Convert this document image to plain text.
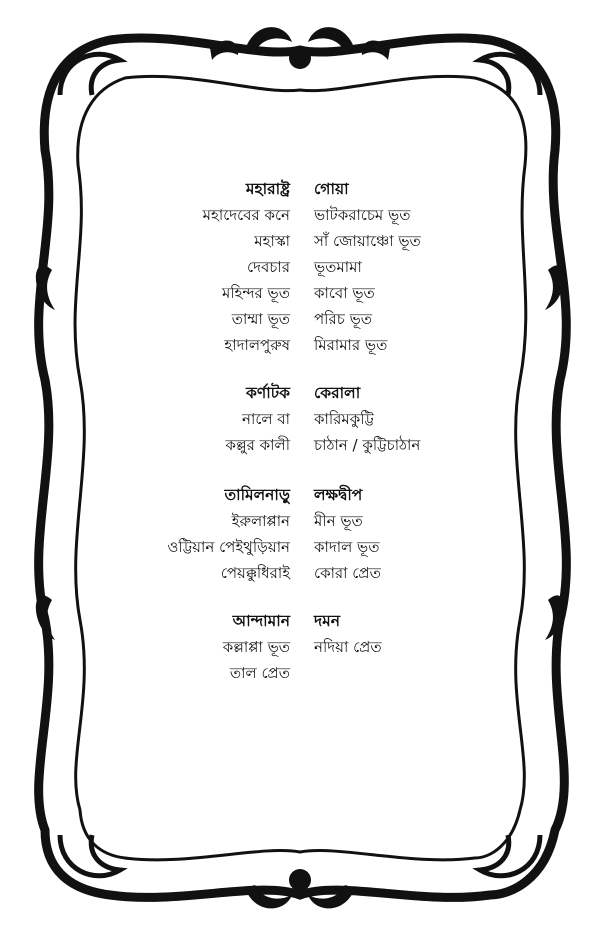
মহারাষ্ট্র গোয়া
মহাদেবের কনে ভাটকরাচেম ভূত
মহাস্কা সাঁ জোয়াঞ্চো ভূত
দেবচার ভূতমামা
মহিন্দর ভূত কাবো ভূত
তাম্মা ভূত পরিচ ভূত
হাদালপুরুষ মিরামার ভূত
কর্ণাটক কেরালা
নালে বা কারিমকুট্টি
কল্লুর কালী চাঠান / কুট্টিচাঠান
তামিলনাড়ু লক্ষদ্বীপ
ইরুলাপ্পান মীন ভূত
ওট্টিয়ান পেইথুড়িয়ান কাদাল ভূত
পেয়ক্কুধিরাই কোরা প্রেত
আন্দামান দমন
কল্লাপ্পা ভূত নদিয়া প্রেত
তাল প্রেত
